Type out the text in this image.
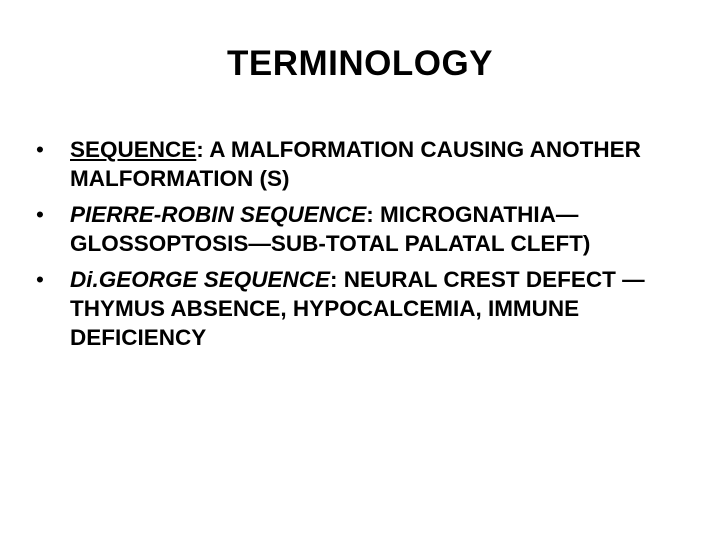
TERMINOLOGY
•	SEQUENCE: A MALFORMATION CAUSING ANOTHER MALFORMATION (S)
•	PIERRE-ROBIN SEQUENCE: MICROGNATHIA—GLOSSOPTOSIS—SUB-TOTAL PALATAL CLEFT)
•	Di.GEORGE SEQUENCE: NEURAL CREST DEFECT —THYMUS ABSENCE, HYPOCALCEMIA, IMMUNE DEFICIENCY
